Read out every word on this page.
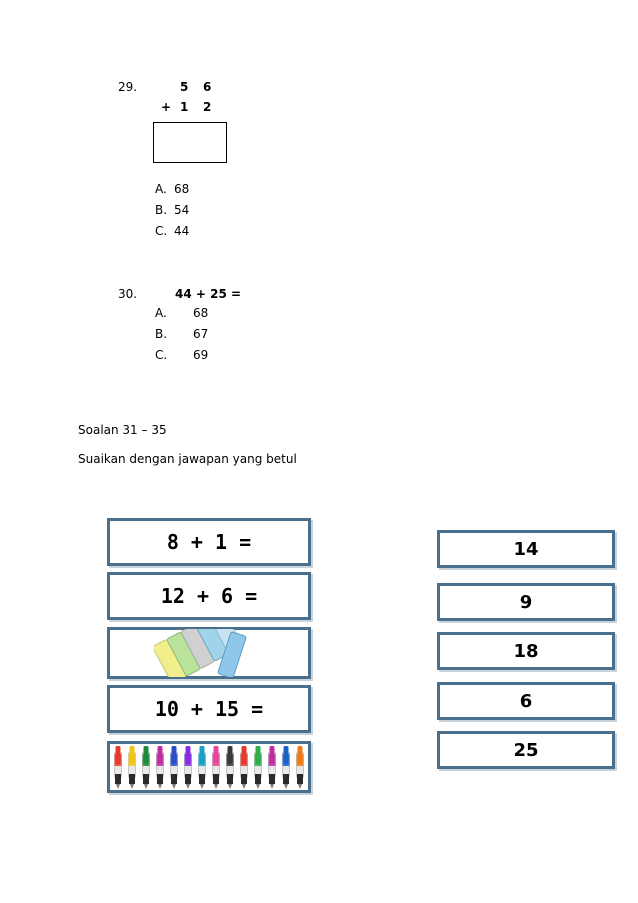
29.	5 6
+ 1 2
A. 68
B. 54
C. 44
30.	44 + 25 =
A. 68
B. 67
C. 69
Soalan 31 – 35
Suaikan dengan jawapan yang betul
8 + 1 =
12 + 6 =
10 + 15 =
14
9
18
6
25
